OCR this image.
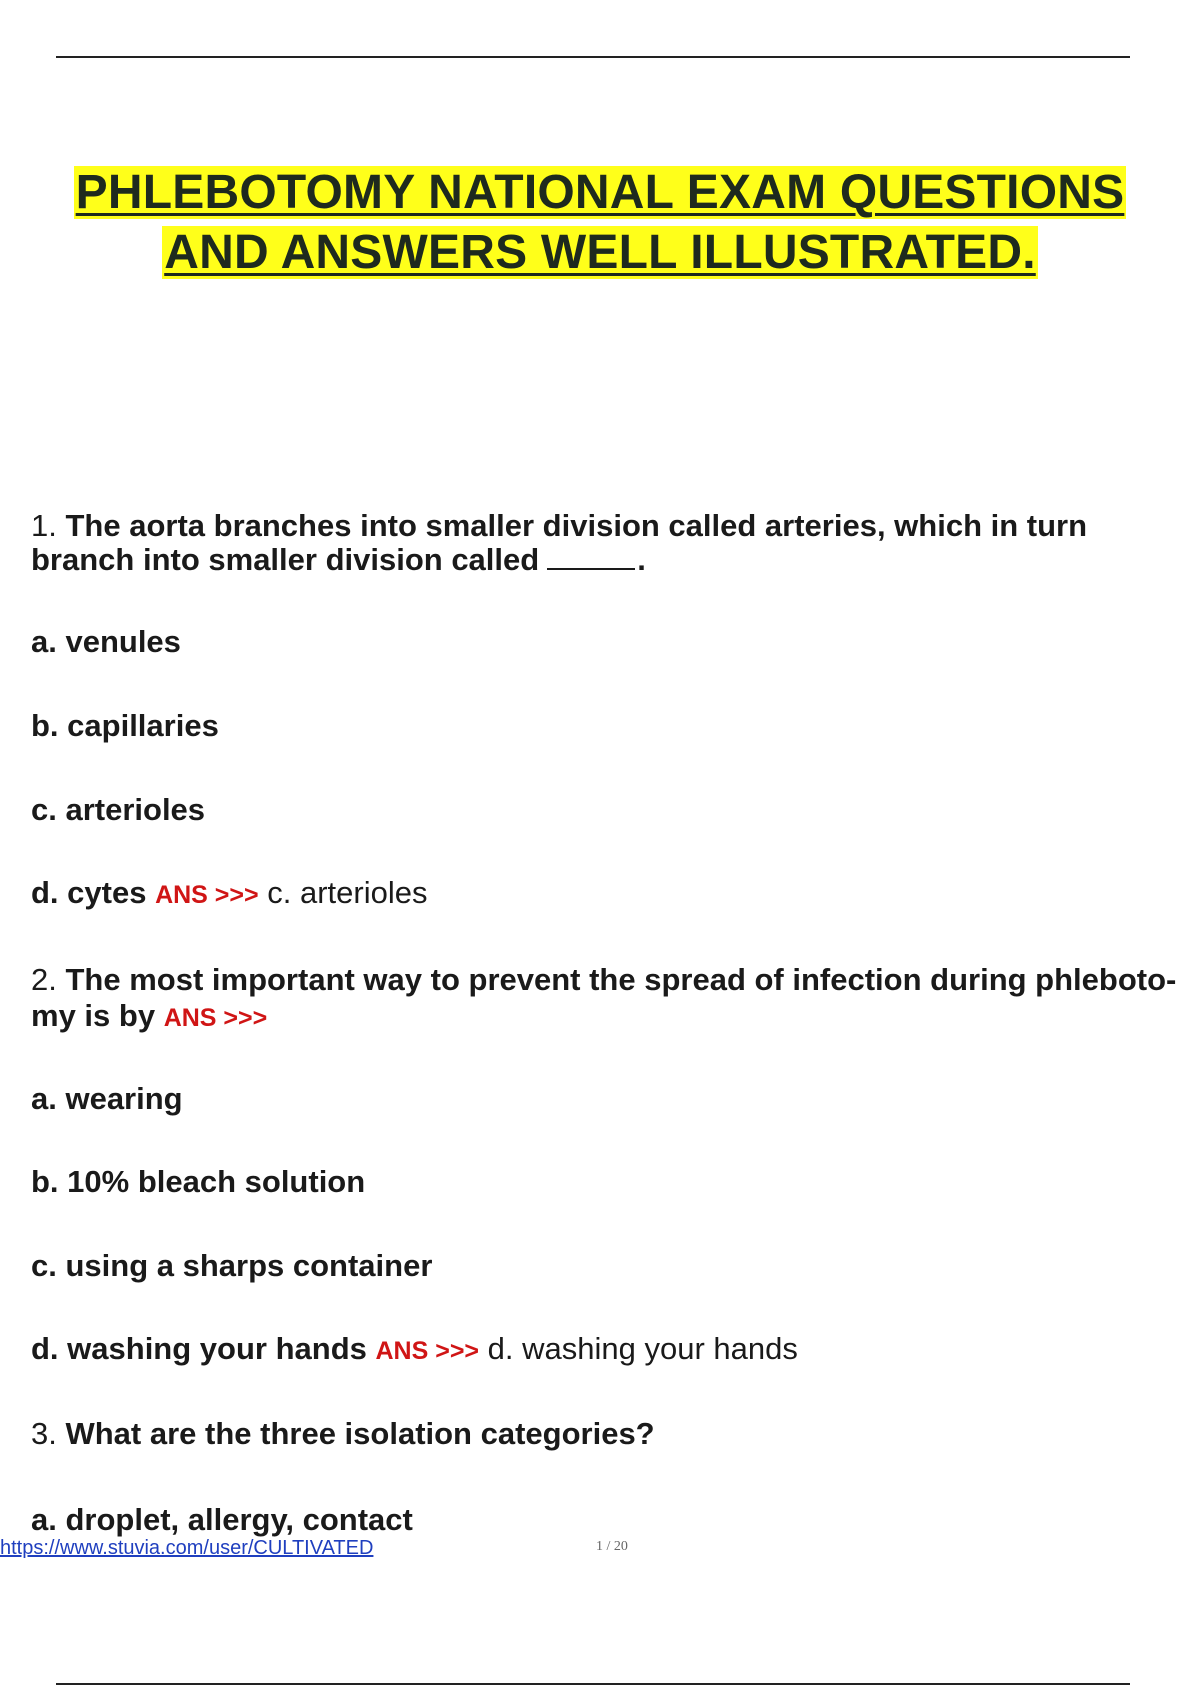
PHLEBOTOMY NATIONAL EXAM QUESTIONS
AND ANSWERS WELL ILLUSTRATED.
1. The aorta branches into smaller division called arteries, which in turn
branch into smaller division called	.
a. venules
b. capillaries
c. arterioles
d. cytes ANS >>> c. arterioles
2. The most important way to prevent the spread of infection during phleboto-
my is by ANS >>>
a. wearing
b. 10% bleach solution
c. using a sharps container
d. washing your hands ANS >>> d. washing your hands
3. What are the three isolation categories?
a. droplet, allergy, contact
https://www.stuvia.com/user/CULTIVATED	1 / 20
